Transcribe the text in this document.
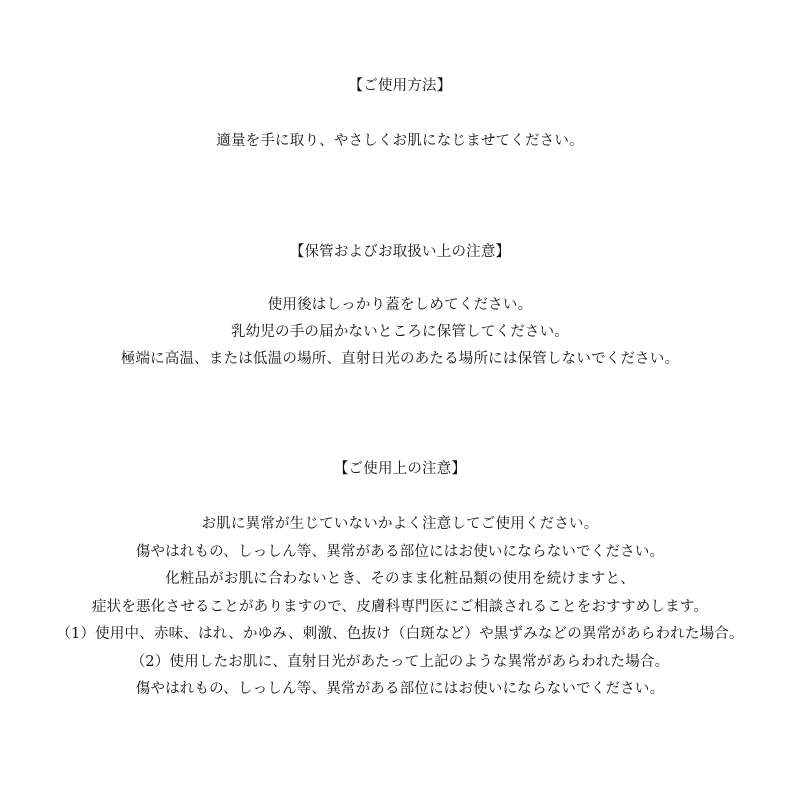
【ご使用方法】
適量を手に取り、やさしくお肌になじませてください。
【保管およびお取扱い上の注意】
使用後はしっかり蓋をしめてください。
乳幼児の手の届かないところに保管してください。
極端に高温、または低温の場所、直射日光のあたる場所には保管しないでください。
【ご使用上の注意】
お肌に異常が生じていないかよく注意してご使用ください。
傷やはれもの、しっしん等、異常がある部位にはお使いにならないでください。
化粧品がお肌に合わないとき、そのまま化粧品類の使用を続けますと、
症状を悪化させることがありますので、皮膚科専門医にご相談されることをおすすめします。
（1）使用中、赤味、はれ、かゆみ、刺激、色抜け（白斑など）や黒ずみなどの異常があらわれた場合。
（2）使用したお肌に、直射日光があたって上記のような異常があらわれた場合。
傷やはれもの、しっしん等、異常がある部位にはお使いにならないでください。
